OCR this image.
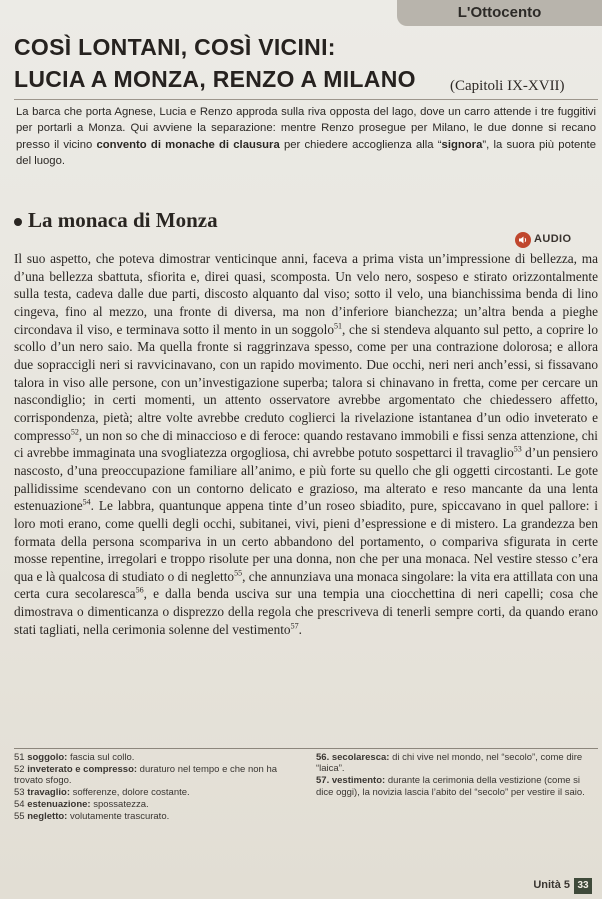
L'Ottocento
COSÌ LONTANI, COSÌ VICINI:
LUCIA A MONZA, RENZO A MILANO (Capitoli IX-XVII)
La barca che porta Agnese, Lucia e Renzo approda sulla riva opposta del lago, dove un carro attende i tre fuggitivi per portarli a Monza. Qui avviene la separazione: mentre Renzo prosegue per Milano, le due donne si recano presso il vicino convento di monache di clausura per chiedere accoglienza alla “signora”, la suora più potente del luogo.
La monaca di Monza
AUDIO
Il suo aspetto, che poteva dimostrar venticinque anni, faceva a prima vista un’impressione di bellezza, ma d’una bellezza sbattuta, sfiorita e, direi quasi, scomposta. Un velo nero, sospeso e stirato orizzontalmente sulla testa, cadeva dalle due parti, discosto alquanto dal viso; sotto il velo, una bianchissima benda di lino cingeva, fino al mezzo, una fronte di diversa, ma non d’inferiore bianchezza; un’altra benda a pieghe circondava il viso, e terminava sotto il mento in un soggolo$^{51}$, che si stendeva alquanto sul petto, a coprire lo scollo d’un nero saio. Ma quella fronte si raggrinzava spesso, come per una contrazione dolorosa; e allora due sopraccigli neri si ravvicinavano, con un rapido movimento. Due occhi, neri neri anch’essi, si fissavano talora in viso alle persone, con un’investigazione superba; talora si chinavano in fretta, come per cercare un nascondiglio; in certi momenti, un attento osservatore avrebbe argomentato che chiedessero affetto, corrispondenza, pietà; altre volte avrebbe creduto coglierci la rivelazione istantanea d’un odio inveterato e compresso$^{52}$, un non so che di minaccioso e di feroce: quando restavano immobili e fissi senza attenzione, chi ci avrebbe immaginata una svogliatezza orgogliosa, chi avrebbe potuto sospettarci il travaglio$^{53}$ d’un pensiero nascosto, d’una preoccupazione familiare all’animo, e più forte su quello che gli oggetti circostanti. Le gote pallidissime scendevano con un contorno delicato e grazioso, ma alterato e reso mancante da una lenta estenuazione$^{54}$. Le labbra, quantunque appena tinte d’un roseo sbiadito, pure, spiccavano in quel pallore: i loro moti erano, come quelli degli occhi, subitanei, vivi, pieni d’espressione e di mistero. La grandezza ben formata della persona scompariva in un certo abbandono del portamento, o compariva sfigurata in certe mosse repentine, irregolari e troppo risolute per una donna, non che per una monaca. Nel vestire stesso c’era qua e là qualcosa di studiato o di negletto$^{55}$, che annunziava una monaca singolare: la vita era attillata con una certa cura secolaresca$^{56}$, e dalla benda usciva sur una tempia una ciocchettina di neri capelli; cosa che dimostrava o dimenticanza o disprezzo della regola che prescriveva di tenerli sempre corti, da quando erano stati tagliati, nella cerimonia solenne del vestimento$^{57}$.
51 soggolo: fascia sul collo.
52 inveterato e compresso: duraturo nel tempo e che non ha trovato sfogo.
53 travaglio: sofferenze, dolore costante.
54 estenuazione: spossatezza.
55 negletto: volutamente trascurato.
56. secolaresca: di chi vive nel mondo, nel “secolo”, come dire “laica”.
57. vestimento: durante la cerimonia della vestizione (come si dice oggi), la novizia lascia l’abito del “secolo” per vestire il saio.
Unità 5 33
